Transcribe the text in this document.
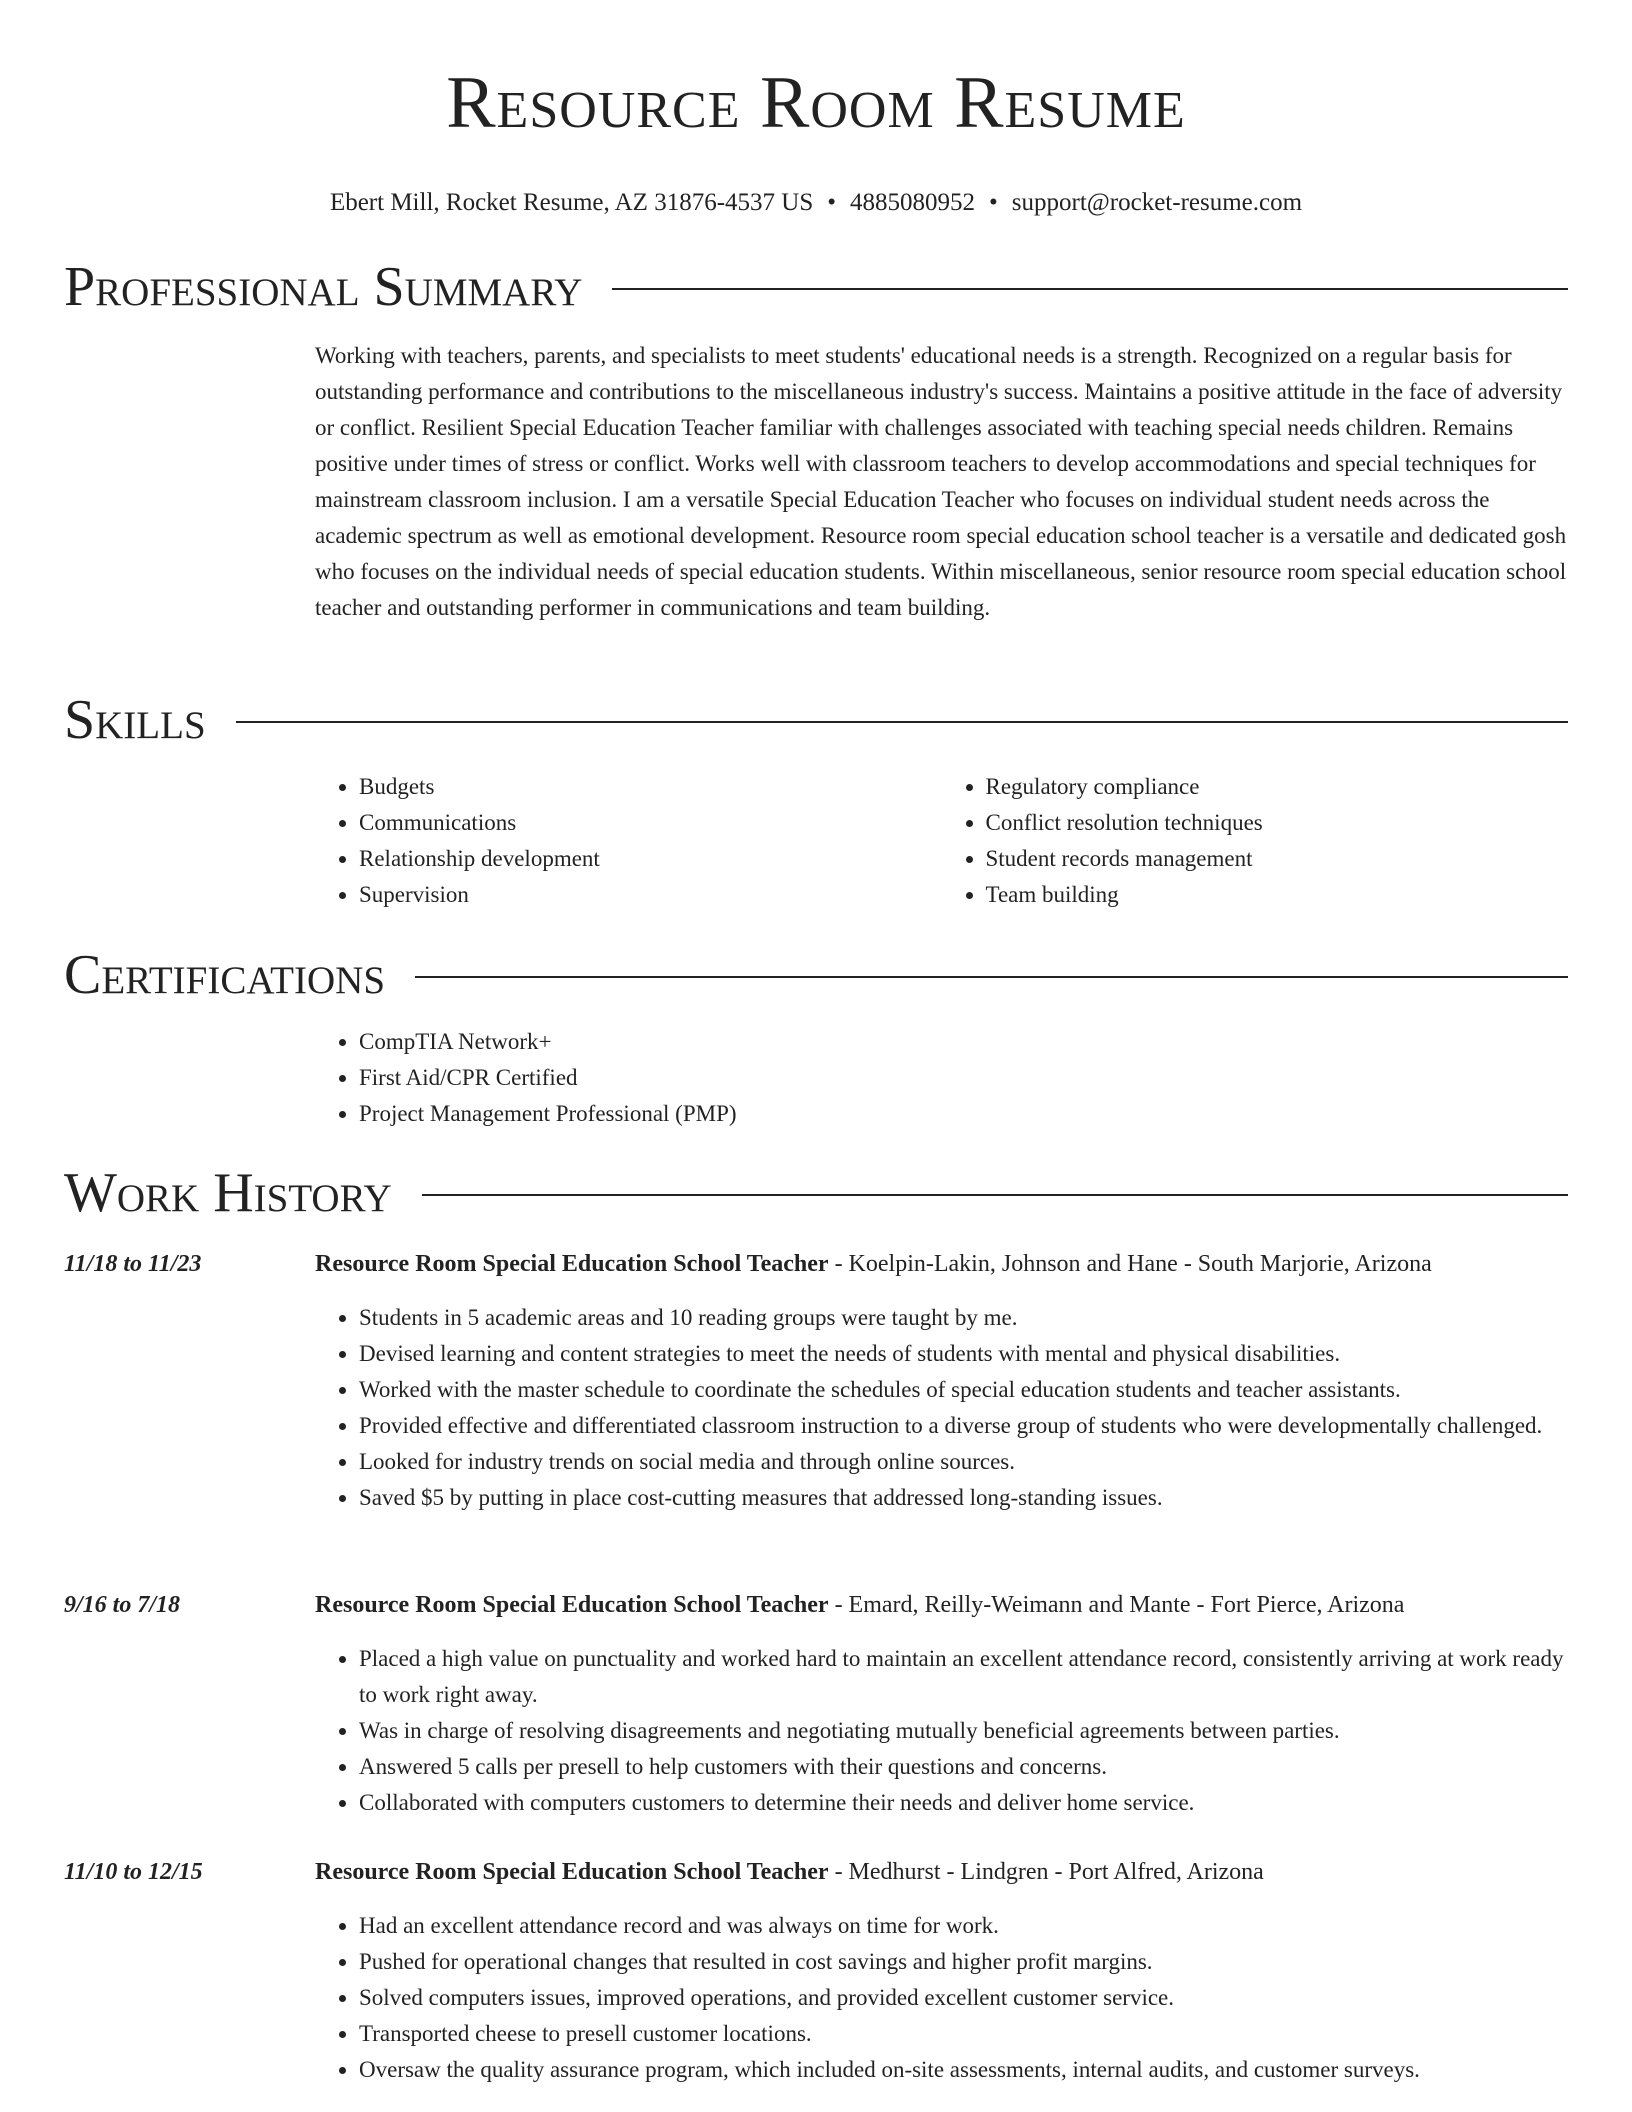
Resource Room Resume
Ebert Mill, Rocket Resume, AZ 31876-4537 US • 4885080952 • support@rocket-resume.com
Professional Summary

Working with teachers, parents, and specialists to meet students' educational needs is a strength. Recognized on a regular basis for outstanding performance and contributions to the miscellaneous industry's success. Maintains a positive attitude in the face of adversity or conflict. Resilient Special Education Teacher familiar with challenges associated with teaching special needs children. Remains positive under times of stress or conflict. Works well with classroom teachers to develop accommodations and special techniques for mainstream classroom inclusion. I am a versatile Special Education Teacher who focuses on individual student needs across the academic spectrum as well as emotional development. Resource room special education school teacher is a versatile and dedicated gosh who focuses on the individual needs of special education students. Within miscellaneous, senior resource room special education school teacher and outstanding performer in communications and team building.

Skills
• Budgets
• Communications
• Relationship development
• Supervision
• Regulatory compliance
• Conflict resolution techniques
• Student records management
• Team building
Certifications
• CompTIA Network+
• First Aid/CPR Certified
• Project Management Professional (PMP)
Work History
11/18 to 11/23	Resource Room Special Education School Teacher - Koelpin-Lakin, Johnson and Hane - South Marjorie, Arizona
• Students in 5 academic areas and 10 reading groups were taught by me.
• Devised learning and content strategies to meet the needs of students with mental and physical disabilities.
• Worked with the master schedule to coordinate the schedules of special education students and teacher assistants.
• Provided effective and differentiated classroom instruction to a diverse group of students who were developmentally challenged.
• Looked for industry trends on social media and through online sources.
• Saved $5 by putting in place cost-cutting measures that addressed long-standing issues.
9/16 to 7/18	Resource Room Special Education School Teacher - Emard, Reilly-Weimann and Mante - Fort Pierce, Arizona
• Placed a high value on punctuality and worked hard to maintain an excellent attendance record, consistently arriving at work ready to work right away.
• Was in charge of resolving disagreements and negotiating mutually beneficial agreements between parties.
• Answered 5 calls per presell to help customers with their questions and concerns.
• Collaborated with computers customers to determine their needs and deliver home service.
11/10 to 12/15	Resource Room Special Education School Teacher - Medhurst - Lindgren - Port Alfred, Arizona
• Had an excellent attendance record and was always on time for work.
• Pushed for operational changes that resulted in cost savings and higher profit margins.
• Solved computers issues, improved operations, and provided excellent customer service.
• Transported cheese to presell customer locations.
• Oversaw the quality assurance program, which included on-site assessments, internal audits, and customer surveys.
